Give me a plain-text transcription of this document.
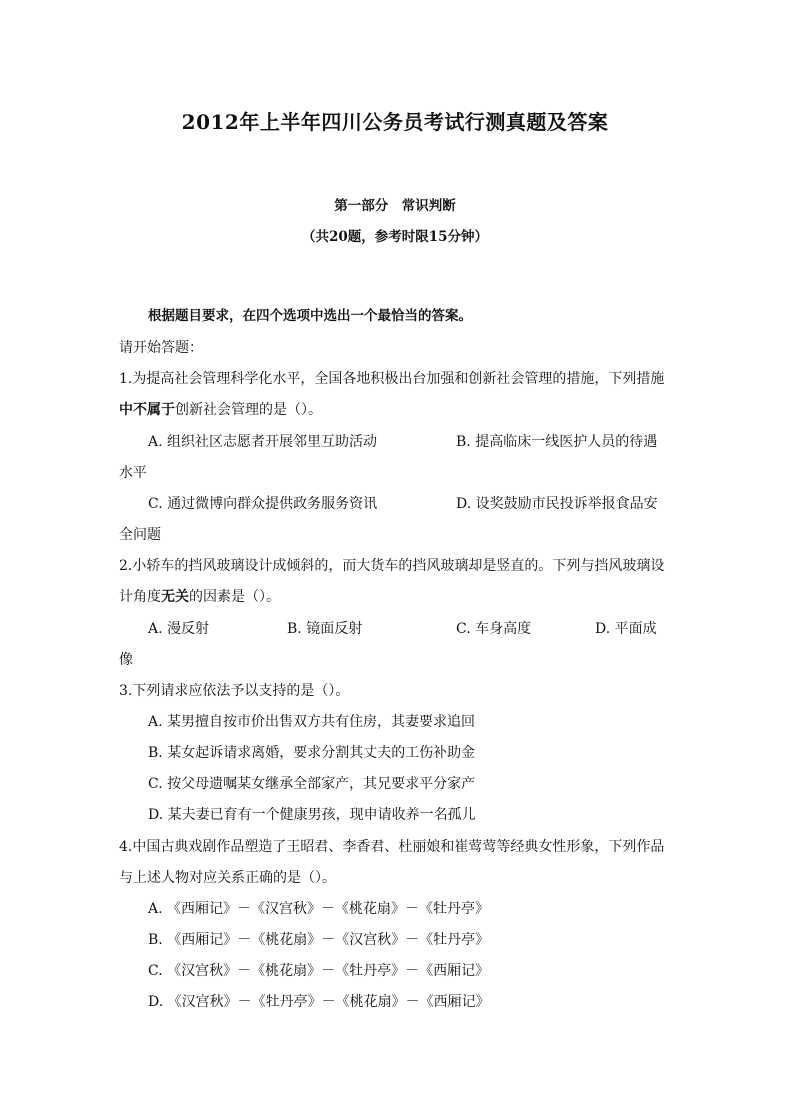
2012年上半年四川公务员考试行测真题及答案
第一部分　常识判断
（共20题，参考时限15分钟）
根据题目要求，在四个选项中选出一个最恰当的答案。
请开始答题：
1.为提高社会管理科学化水平，全国各地积极出台加强和创新社会管理的措施，下列措施
中不属于创新社会管理的是（）。
A. 组织社区志愿者开展邻里互助活动	B. 提高临床一线医护人员的待遇
水平
C. 通过微博向群众提供政务服务资讯	D. 设奖鼓励市民投诉举报食品安
全问题
2.小轿车的挡风玻璃设计成倾斜的，而大货车的挡风玻璃却是竖直的。下列与挡风玻璃设
计角度无关的因素是（）。
A. 漫反射	B. 镜面反射	C. 车身高度	D. 平面成
像
3.下列请求应依法予以支持的是（）。
A. 某男擅自按市价出售双方共有住房，其妻要求追回
B. 某女起诉请求离婚，要求分割其丈夫的工伤补助金
C. 按父母遗嘱某女继承全部家产，其兄要求平分家产
D. 某夫妻已育有一个健康男孩，现申请收养一名孤儿
4.中国古典戏剧作品塑造了王昭君、李香君、杜丽娘和崔莺莺等经典女性形象，下列作品
与上述人物对应关系正确的是（）。
A. 《西厢记》－《汉宫秋》－《桃花扇》－《牡丹亭》
B. 《西厢记》－《桃花扇》－《汉宫秋》－《牡丹亭》
C. 《汉宫秋》－《桃花扇》－《牡丹亭》－《西厢记》
D. 《汉宫秋》－《牡丹亭》－《桃花扇》－《西厢记》
